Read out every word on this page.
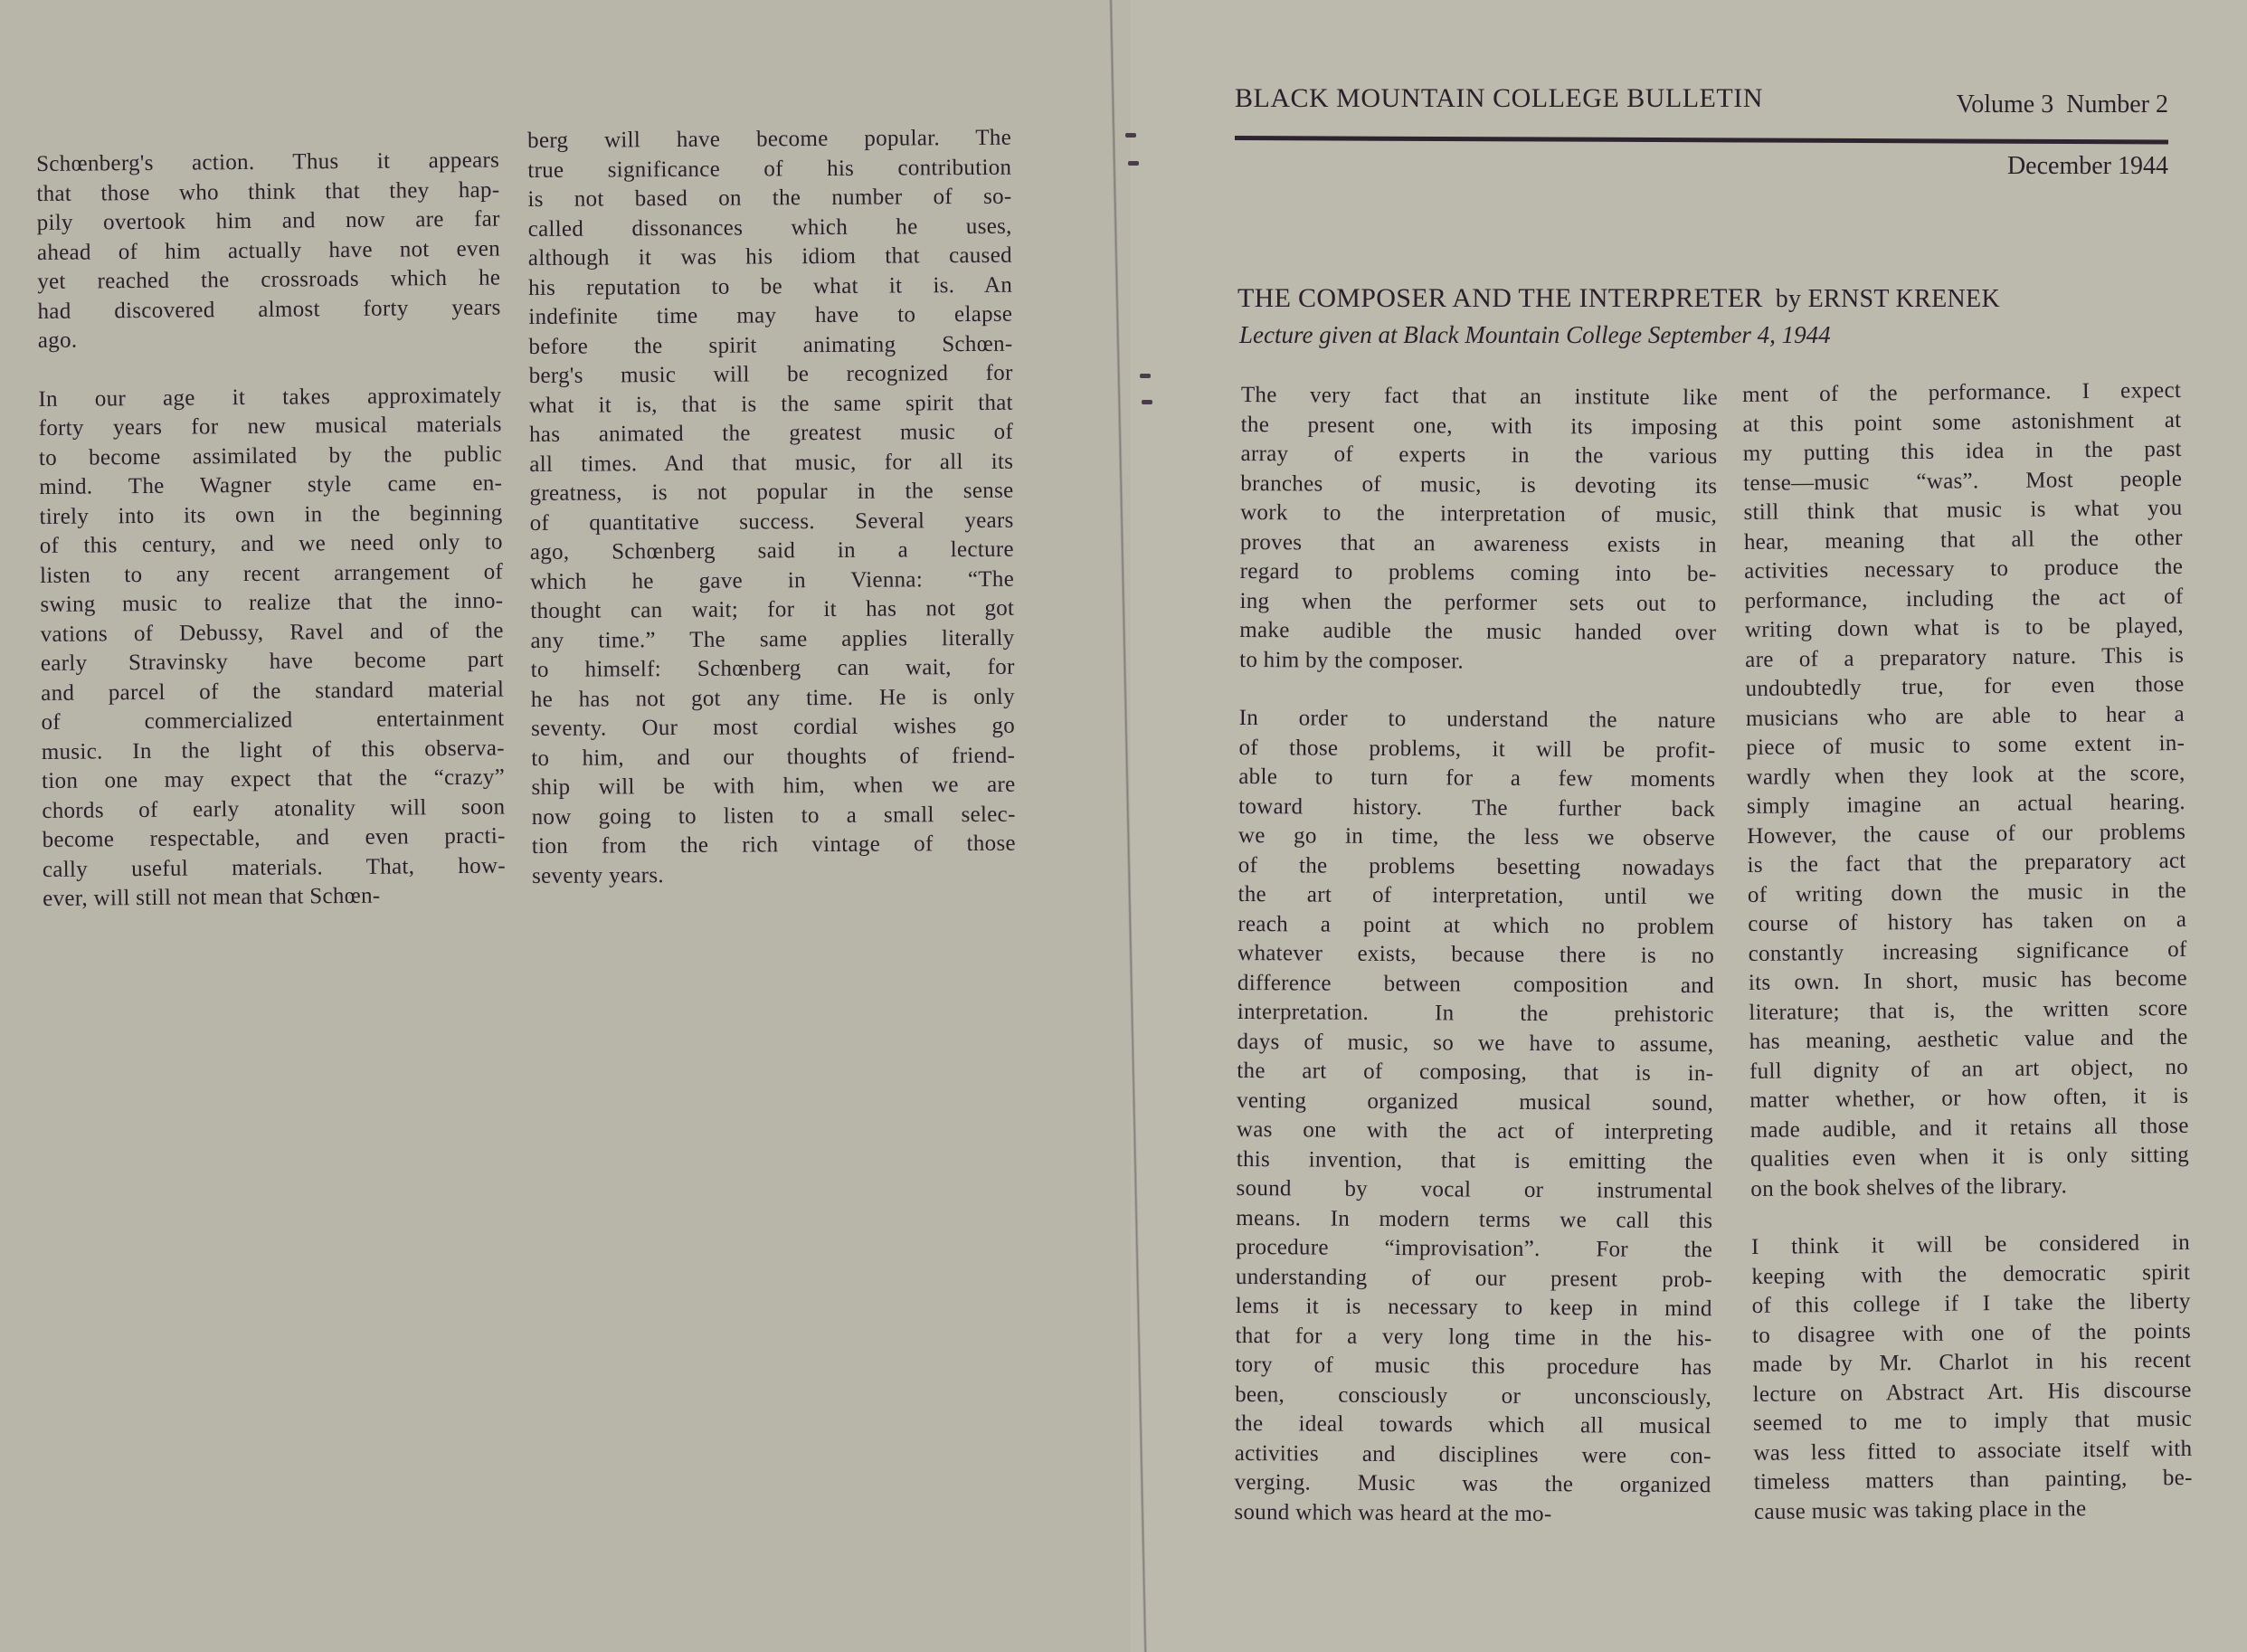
BLACK MOUNTAIN COLLEGE BULLETIN	Volume 3  Number 2
December 1944
THE COMPOSER AND THE INTERPRETER by ERNST KRENEK
Lecture given at Black Mountain College September 4, 1944
Schœnberg's action. Thus it appears
that those who think that they hap-
pily overtook him and now are far
ahead of him actually have not even
yet reached the crossroads which he
had discovered almost forty years
ago.
In our age it takes approximately
forty years for new musical materials
to become assimilated by the public
mind. The Wagner style came en-
tirely into its own in the beginning
of this century, and we need only to
listen to any recent arrangement of
swing music to realize that the inno-
vations of Debussy, Ravel and of the
early Stravinsky have become part
and parcel of the standard material
of commercialized entertainment
music. In the light of this observa-
tion one may expect that the “crazy”
chords of early atonality will soon
become respectable, and even practi-
cally useful materials. That, how-
ever, will still not mean that Schœn-
berg will have become popular. The
true significance of his contribution
is not based on the number of so-
called dissonances which he uses,
although it was his idiom that caused
his reputation to be what it is. An
indefinite time may have to elapse
before the spirit animating Schœn-
berg's music will be recognized for
what it is, that is the same spirit that
has animated the greatest music of
all times. And that music, for all its
greatness, is not popular in the sense
of quantitative success. Several years
ago, Schœnberg said in a lecture
which he gave in Vienna: “The
thought can wait; for it has not got
any time.” The same applies literally
to himself: Schœnberg can wait, for
he has not got any time. He is only
seventy. Our most cordial wishes go
to him, and our thoughts of friend-
ship will be with him, when we are
now going to listen to a small selec-
tion from the rich vintage of those
seventy years.
The very fact that an institute like
the present one, with its imposing
array of experts in the various
branches of music, is devoting its
work to the interpretation of music,
proves that an awareness exists in
regard to problems coming into be-
ing when the performer sets out to
make audible the music handed over
to him by the composer.
In order to understand the nature
of those problems, it will be profit-
able to turn for a few moments
toward history. The further back
we go in time, the less we observe
of the problems besetting nowadays
the art of interpretation, until we
reach a point at which no problem
whatever exists, because there is no
difference between composition and
interpretation. In the prehistoric
days of music, so we have to assume,
the art of composing, that is in-
venting organized musical sound,
was one with the act of interpreting
this invention, that is emitting the
sound by vocal or instrumental
means. In modern terms we call this
procedure “improvisation”. For the
understanding of our present prob-
lems it is necessary to keep in mind
that for a very long time in the his-
tory of music this procedure has
been, consciously or unconsciously,
the ideal towards which all musical
activities and disciplines were con-
verging. Music was the organized
sound which was heard at the mo-
ment of the performance. I expect
at this point some astonishment at
my putting this idea in the past
tense—music “was”. Most people
still think that music is what you
hear, meaning that all the other
activities necessary to produce the
performance, including the act of
writing down what is to be played,
are of a preparatory nature. This is
undoubtedly true, for even those
musicians who are able to hear a
piece of music to some extent in-
wardly when they look at the score,
simply imagine an actual hearing.
However, the cause of our problems
is the fact that the preparatory act
of writing down the music in the
course of history has taken on a
constantly increasing significance of
its own. In short, music has become
literature; that is, the written score
has meaning, aesthetic value and the
full dignity of an art object, no
matter whether, or how often, it is
made audible, and it retains all those
qualities even when it is only sitting
on the book shelves of the library.
I think it will be considered in
keeping with the democratic spirit
of this college if I take the liberty
to disagree with one of the points
made by Mr. Charlot in his recent
lecture on Abstract Art. His discourse
seemed to me to imply that music
was less fitted to associate itself with
timeless matters than painting, be-
cause music was taking place in the
